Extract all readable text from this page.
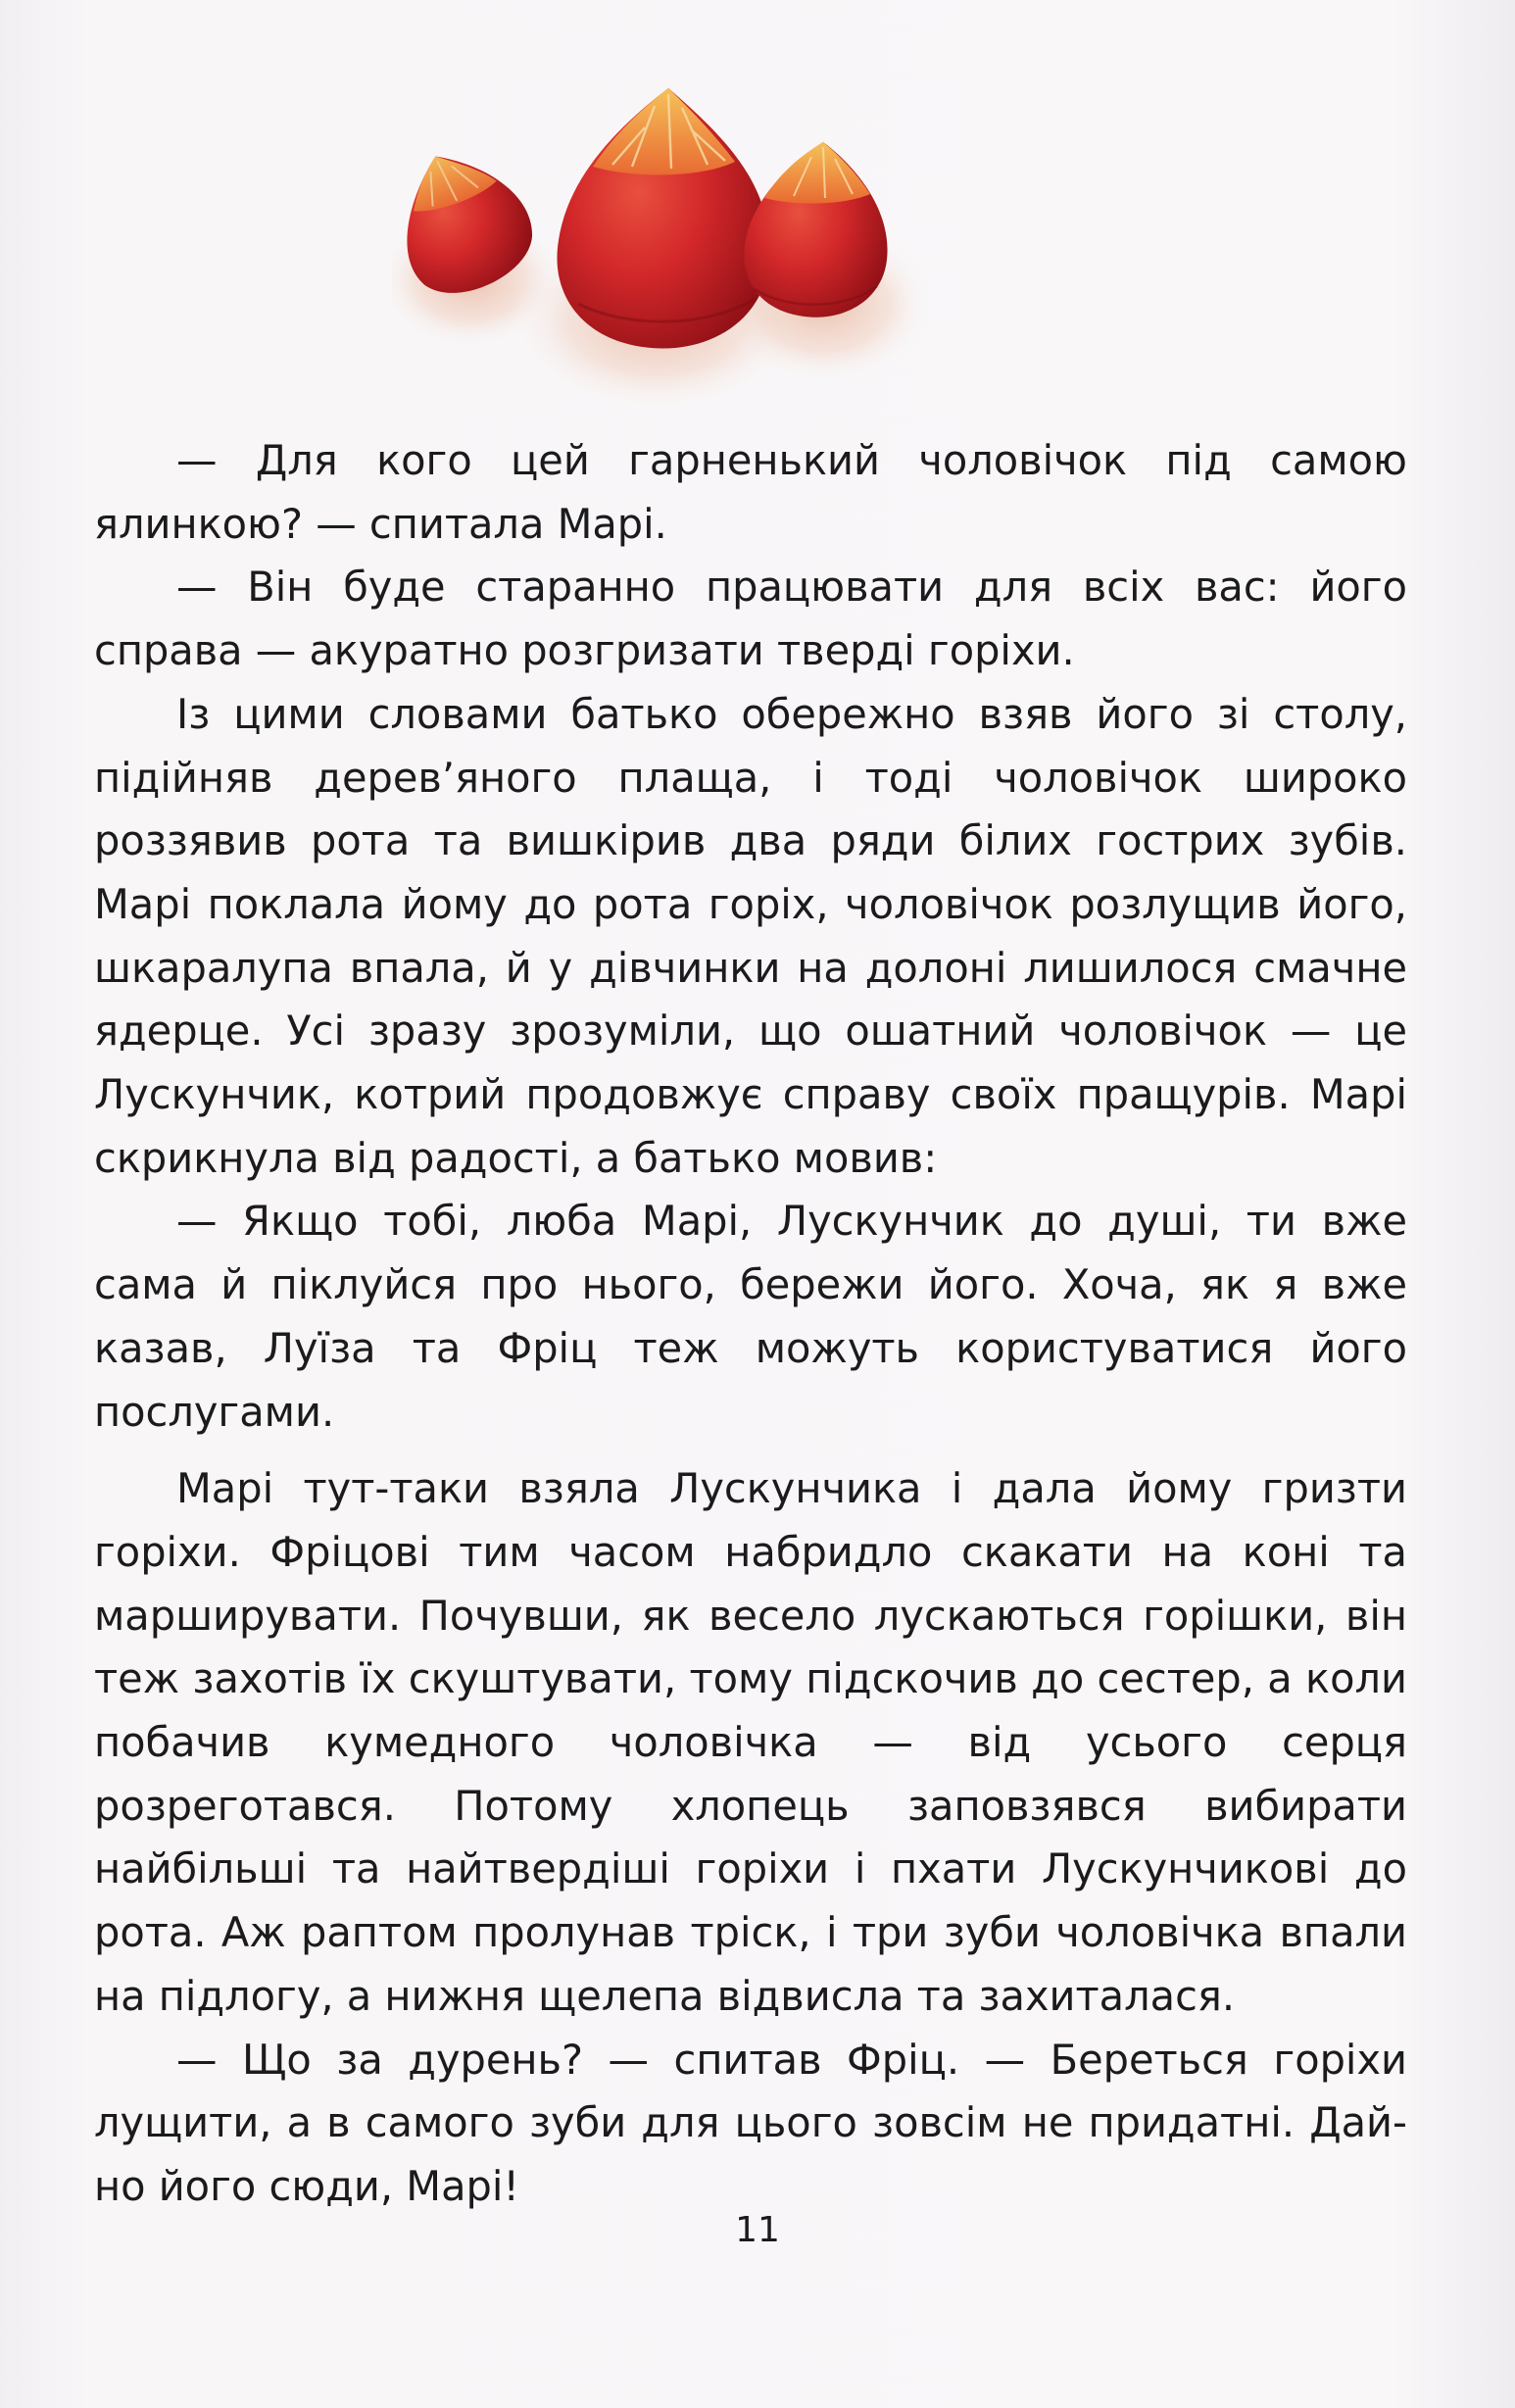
— Для кого цей гарненький чоловічок під самою ялинкою? — спитала Марі.

— Він буде старанно працювати для всіх вас: його справа — акуратно розгризати тверді горіхи.

Із цими словами батько обережно взяв його зі столу, підійняв дерев’яного плаща, і тоді чоловічок широко роззявив рота та вишкірив два ряди білих гострих зубів. Марі поклала йому до рота горіх, чоловічок розлущив його, шкаралупа впала, й у дівчинки на долоні лишилося смачне ядерце. Усі зразу зрозуміли, що ошатний чоловічок — це Лускунчик, котрий продовжує справу своїх пращурів. Марі скрикнула від радості, а батько мовив:

— Якщо тобі, люба Марі, Лускунчик до душі, ти вже сама й піклуйся про нього, бережи його. Хоча, як я вже казав, Луїза та Фріц теж можуть користуватися його послугами.

Марі тут-таки взяла Лускунчика і дала йому гризти горіхи. Фріцові тим часом набридло скакати на коні та марширувати. Почувши, як весело лускаються горішки, він теж захотів їх скуштувати, тому підскочив до сестер, а коли побачив кумедного чоловічка — від усього серця розреготався. Потому хлопець заповзявся вибирати найбільші та найтвердіші горіхи і пхати Лускунчикові до рота. Аж раптом пролунав тріск, і три зуби чоловічка впали на підлогу, а нижня щелепа відвисла та захиталася.

— Що за дурень? — спитав Фріц. — Береться горіхи лущити, а в самого зуби для цього зовсім не придатні. Дай-но його сюди, Марі!

11
